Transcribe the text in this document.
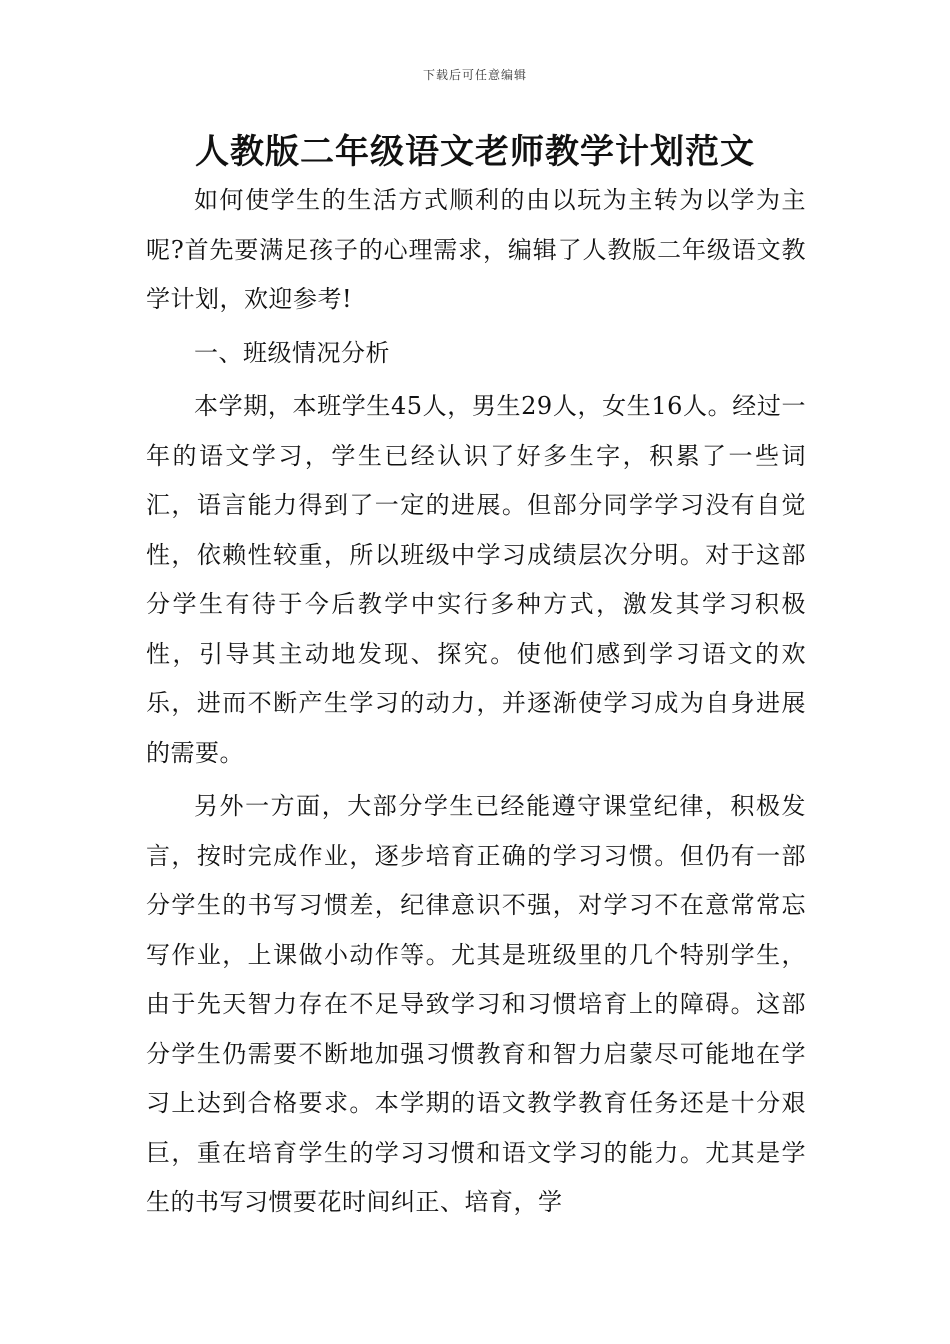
下载后可任意编辑
人教版二年级语文老师教学计划范文

如何使学生的生活方式顺利的由以玩为主转为以学为主呢?首先要满足孩子的心理需求，编辑了人教版二年级语文教学计划，欢迎参考!

一、班级情况分析

本学期，本班学生45人，男生29人，女生16人。经过一年的语文学习，学生已经认识了好多生字，积累了一些词汇，语言能力得到了一定的进展。但部分同学学习没有自觉性，依赖性较重，所以班级中学习成绩层次分明。对于这部分学生有待于今后教学中实行多种方式，激发其学习积极性，引导其主动地发现、探究。使他们感到学习语文的欢乐，进而不断产生学习的动力，并逐渐使学习成为自身进展的需要。

另外一方面，大部分学生已经能遵守课堂纪律，积极发言，按时完成作业，逐步培育正确的学习习惯。但仍有一部分学生的书写习惯差，纪律意识不强，对学习不在意常常忘写作业，上课做小动作等。尤其是班级里的几个特别学生，由于先天智力存在不足导致学习和习惯培育上的障碍。这部分学生仍需要不断地加强习惯教育和智力启蒙尽可能地在学习上达到合格要求。本学期的语文教学教育任务还是十分艰巨，重在培育学生的学习习惯和语文学习的能力。尤其是学生的书写习惯要花时间纠正、培育，学
